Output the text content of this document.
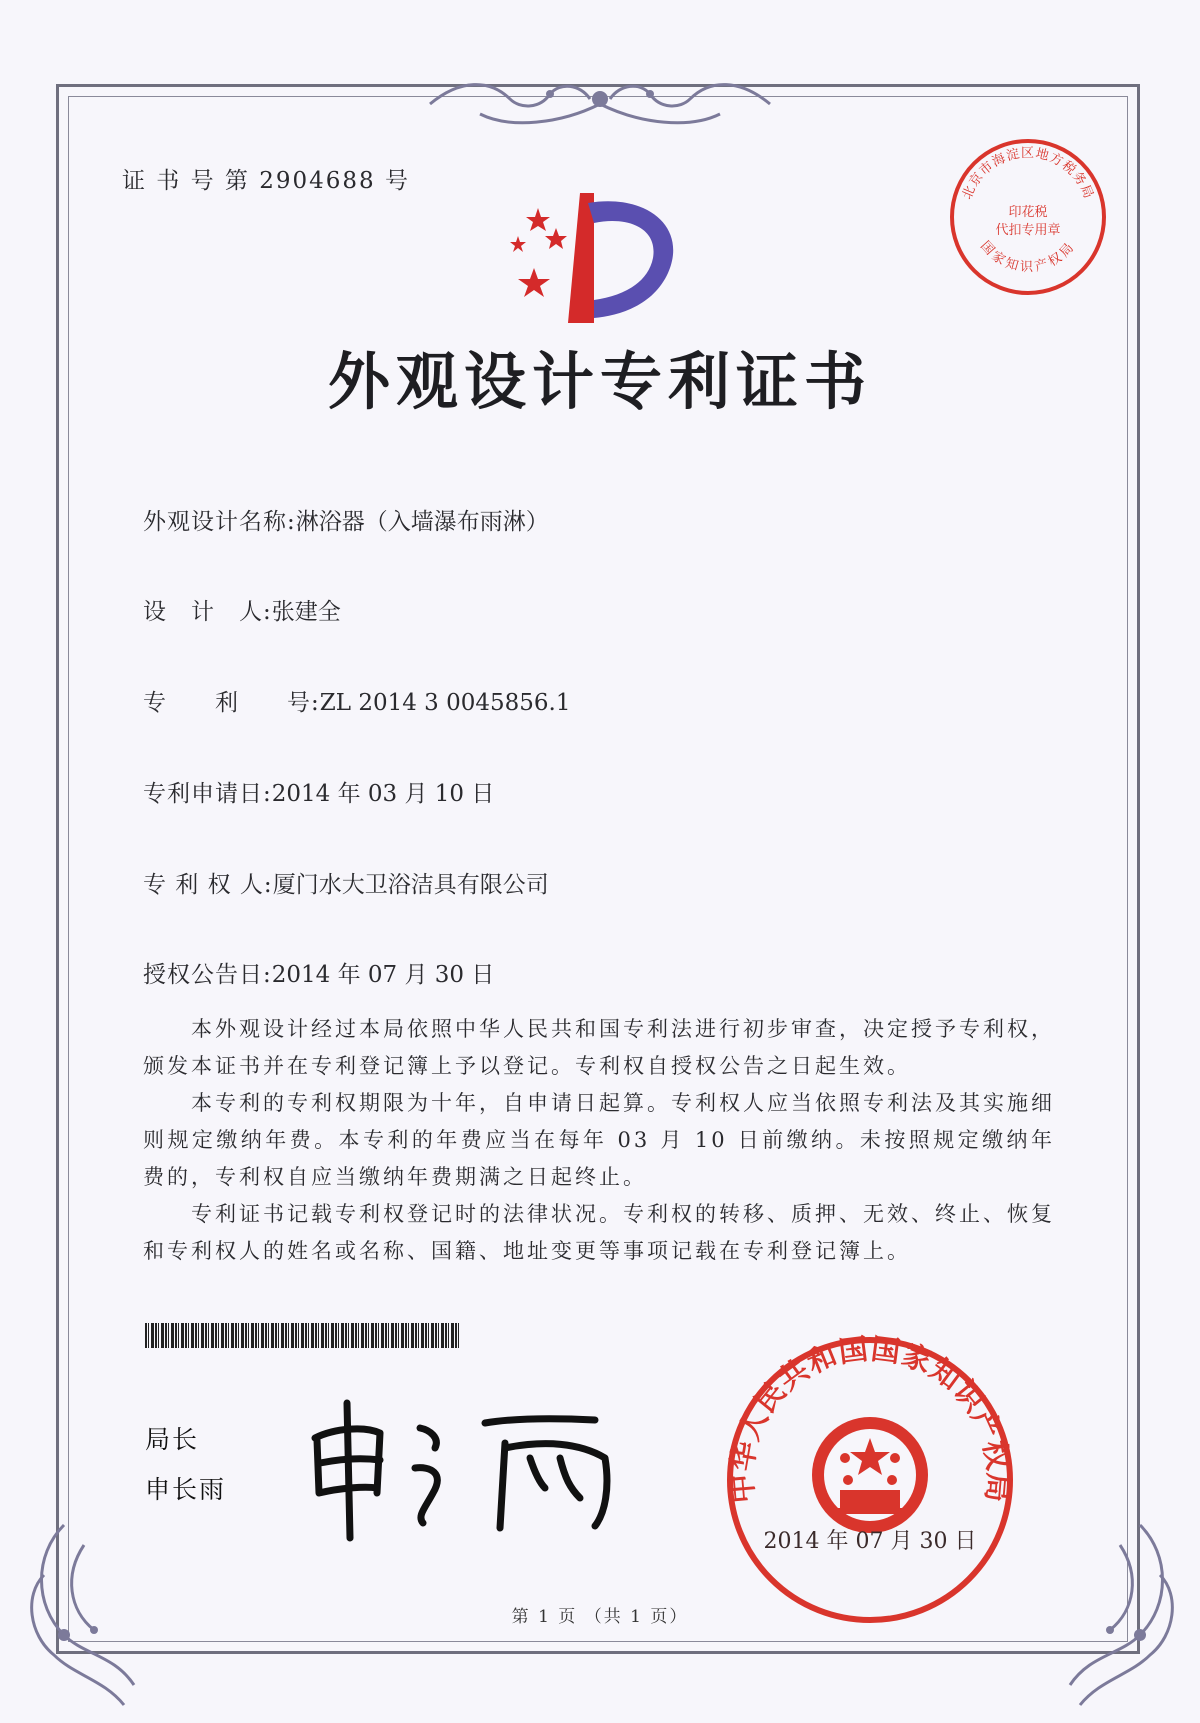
证 书 号 第 2904688 号
外观设计专利证书
外观设计名称:淋浴器（入墙瀑布雨淋）
设　计　人:张建全
专　　利　　号:ZL 2014 3 0045856.1
专利申请日:2014 年 03 月 10 日
专 利 权 人:厦门水大卫浴洁具有限公司
授权公告日:2014 年 07 月 30 日
本外观设计经过本局依照中华人民共和国专利法进行初步审查，决定授予专利权，颁发本证书并在专利登记簿上予以登记。专利权自授权公告之日起生效。
本专利的专利权期限为十年，自申请日起算。专利权人应当依照专利法及其实施细则规定缴纳年费。本专利的年费应当在每年 03 月 10 日前缴纳。未按照规定缴纳年费的，专利权自应当缴纳年费期满之日起终止。
专利证书记载专利权登记时的法律状况。专利权的转移、质押、无效、终止、恢复和专利权人的姓名或名称、国籍、地址变更等事项记载在专利登记簿上。
局长
申长雨
北京市海淀区地方税务局
国家知识产权局
印花税
代扣专用章
中华人民共和国国家知识产权局
2014 年 07 月 30 日
第 1 页 （共 1 页）
